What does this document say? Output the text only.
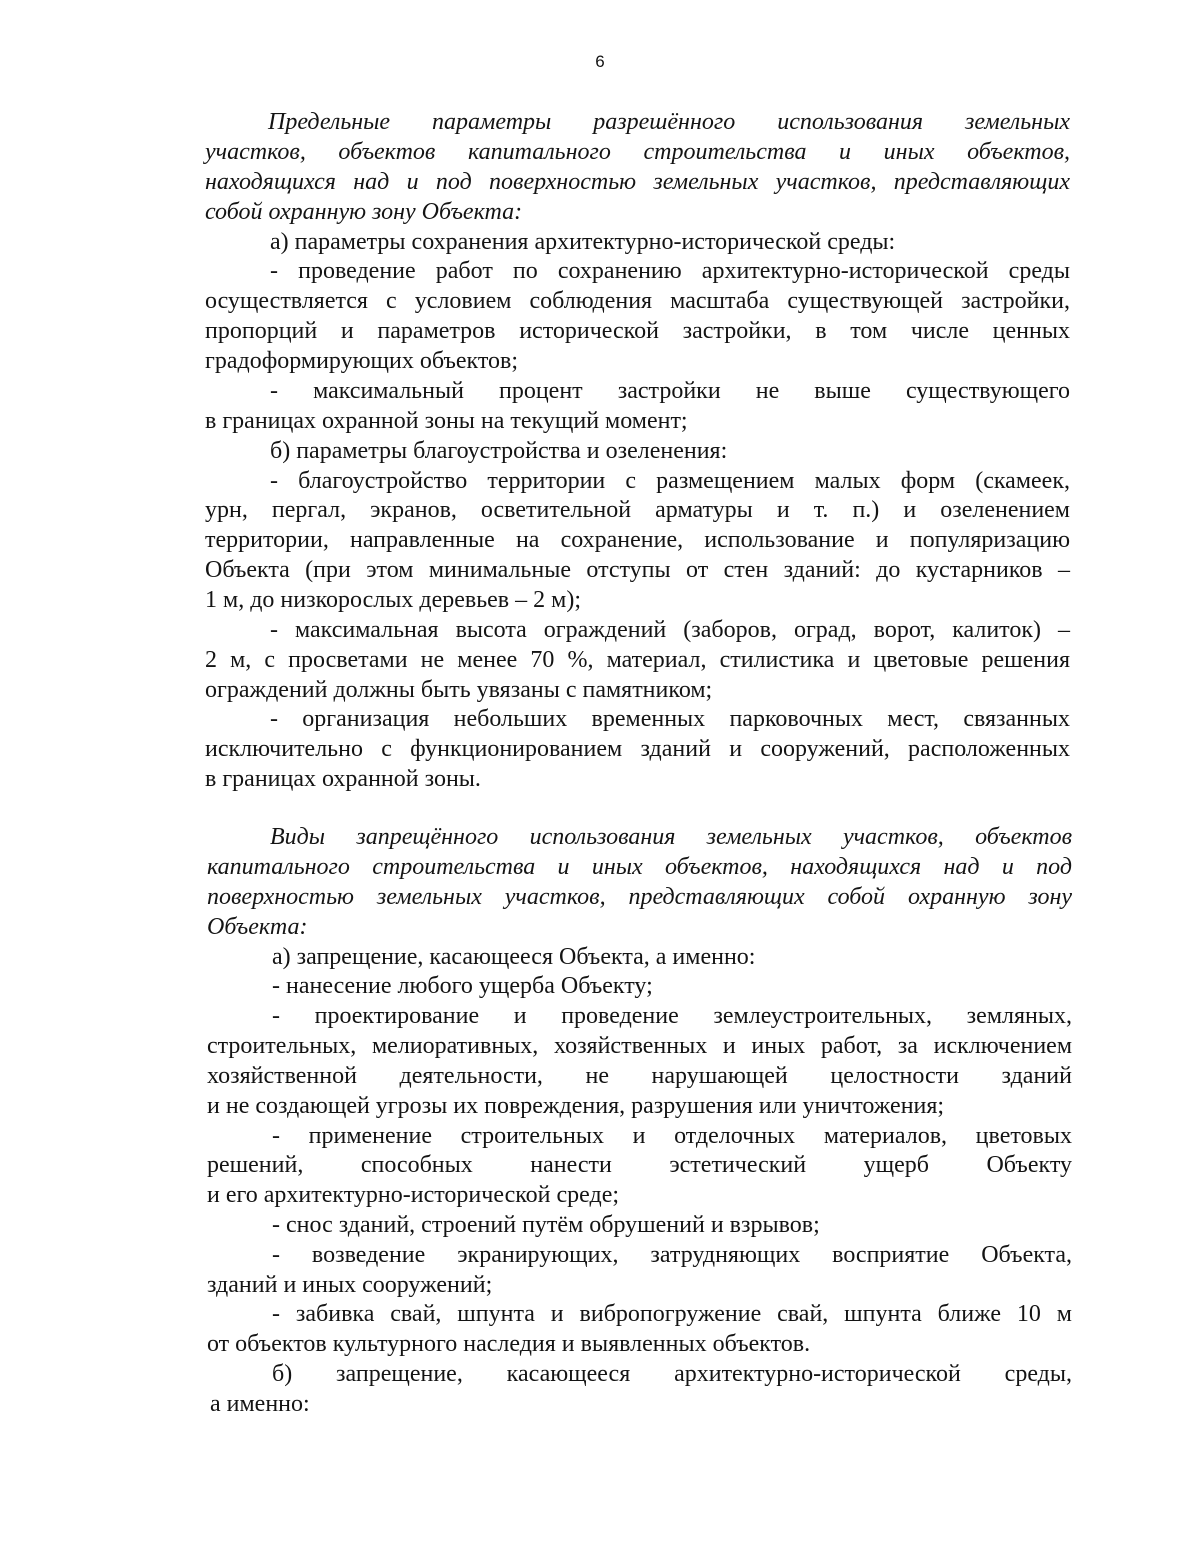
6
Предельные параметры разрешённого использования земельных
участков, объектов капитального строительства и иных объектов,
находящихся над и под поверхностью земельных участков, представляющих
собой охранную зону Объекта:
а) параметры сохранения архитектурно-исторической среды:
- проведение работ по сохранению архитектурно-исторической среды
осуществляется с условием соблюдения масштаба существующей застройки,
пропорций и параметров исторической застройки, в том числе ценных
градоформирующих объектов;
- максимальный процент застройки не выше существующего
в границах охранной зоны на текущий момент;
б) параметры благоустройства и озеленения:
- благоустройство территории с размещением малых форм (скамеек,
урн, пергал, экранов, осветительной арматуры и т. п.) и озеленением
территории, направленные на сохранение, использование и популяризацию
Объекта (при этом минимальные отступы от стен зданий: до кустарников –
1 м, до низкорослых деревьев – 2 м);
- максимальная высота ограждений (заборов, оград, ворот, калиток) –
2 м, с просветами не менее 70 %, материал, стилистика и цветовые решения
ограждений должны быть увязаны с памятником;
- организация небольших временных парковочных мест, связанных
исключительно с функционированием зданий и сооружений, расположенных
в границах охранной зоны.
Виды запрещённого использования земельных участков, объектов
капитального строительства и иных объектов, находящихся над и под
поверхностью земельных участков, представляющих собой охранную зону
Объекта:
а) запрещение, касающееся Объекта, а именно:
- нанесение любого ущерба Объекту;
- проектирование и проведение землеустроительных, земляных,
строительных, мелиоративных, хозяйственных и иных работ, за исключением
хозяйственной деятельности, не нарушающей целостности зданий
и не создающей угрозы их повреждения, разрушения или уничтожения;
- применение строительных и отделочных материалов, цветовых
решений, способных нанести эстетический ущерб Объекту
и его архитектурно-исторической среде;
- снос зданий, строений путём обрушений и взрывов;
- возведение экранирующих, затрудняющих восприятие Объекта,
зданий и иных сооружений;
- забивка свай, шпунта и вибропогружение свай, шпунта ближе 10 м
от объектов культурного наследия и выявленных объектов.
б) запрещение, касающееся архитектурно-исторической среды,
а именно:
